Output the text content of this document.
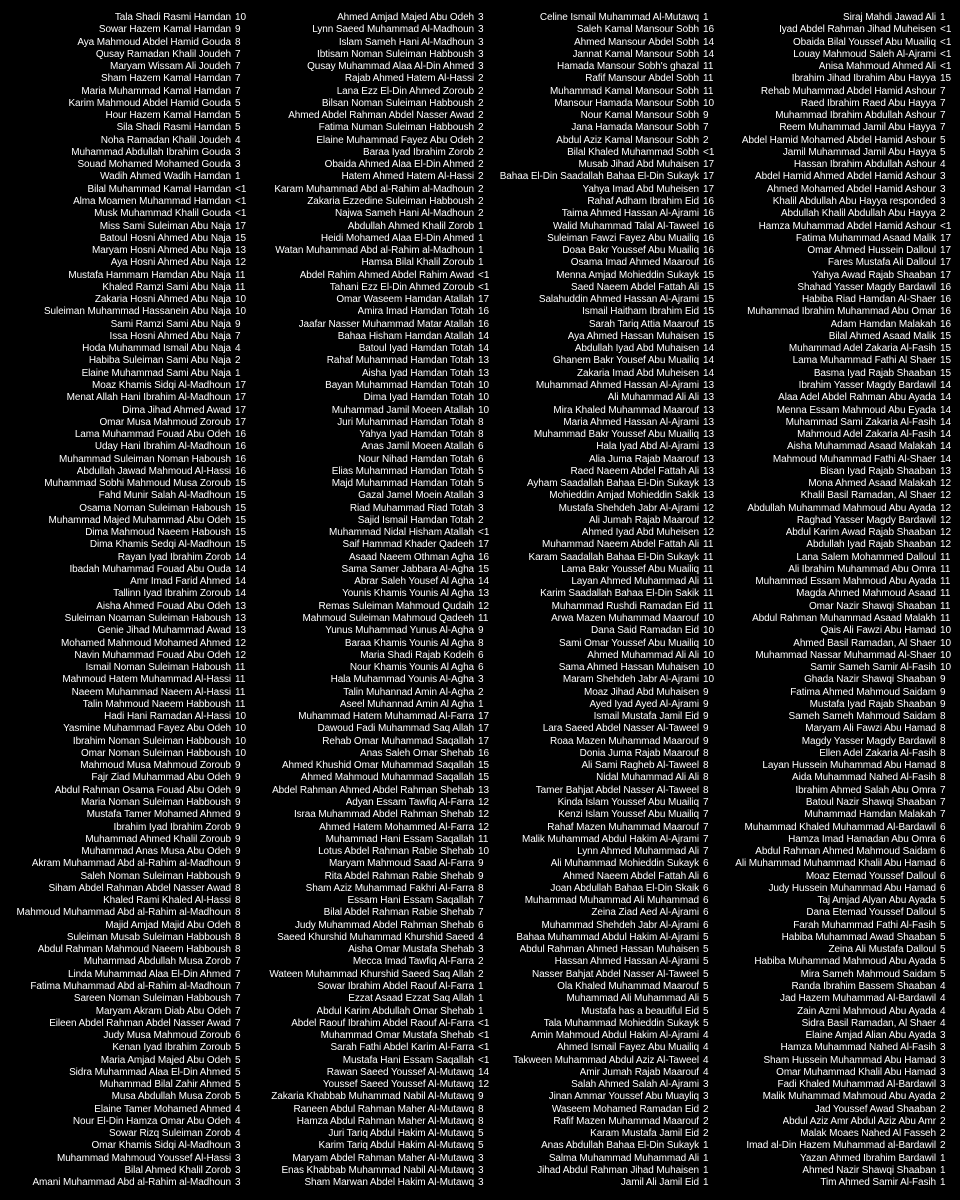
Tala Shadi Rasmi Hamdan 10
Sowar Hazem Kamal Hamdan 9
Aya Mahmoud Abdel Hamid Gouda 8
Qusay Ramadan Khalil Joudeh 7
Maryam Wissam Ali Joudeh 7
Sham Hazem Kamal Hamdan 7
Maria Muhammad Kamal Hamdan 7
Karim Mahmoud Abdel Hamid Gouda 5
Hour Hazem Kamal Hamdan 5
Sila Shadi Rasmi Hamdan 5
Noha Ramadan Khalil Joudeh 4
Muhammad Abdullah Ibrahim Gouda 3
Souad Mohamed Mohamed Gouda 3
Wadih Ahmed Wadih Hamdan 1
Bilal Muhammad Kamal Hamdan <1
Alma Moamen Muhammad Hamdan <1
Musk Muhammad Khalil Gouda <1
Miss Sami Suleiman Abu Naja 17
Batoul Hosni Ahmed Abu Naja 15
Maryam Hosni Ahmed Abu Naja 13
Aya Hosni Ahmed Abu Naja 12
Mustafa Hammam Hamdan Abu Naja 11
Khaled Ramzi Sami Abu Naja 11
Zakaria Hosni Ahmed Abu Naja 10
Suleiman Muhammad Hassanein Abu Naja 10
Sami Ramzi Sami Abu Naja 9
Issa Hosni Ahmed Abu Naja 7
Hoda Muhammad Ismail Abu Naja 4
Habiba Suleiman Sami Abu Naja 2
Elaine Muhammad Sami Abu Naja 1
Moaz Khamis Sidqi Al-Madhoun 17
Menat Allah Hani Ibrahim Al-Madhoun 17
Dima Jihad Ahmed Awad 17
Omar Musa Mahmoud Zoroub 17
Lama Muhammad Fouad Abu Odeh 16
Uday Hani Ibrahim Al-Madhoun 16
Muhammad Suleiman Noman Haboush 16
Abdullah Jawad Mahmoud Al-Hassi 16
Muhammad Sobhi Mahmoud Musa Zoroub 15
Fahd Munir Salah Al-Madhoun 15
Osama Noman Suleiman Haboush 15
Muhammad Majed Muhammad Abu Odeh 15
Dima Mahmoud Naeem Haboush 15
Dima Khamis Sedqi Al-Madhoun 15
Rayan Iyad Ibrahim Zorob 14
Ibadah Muhammad Fouad Abu Ouda 14
Amr Imad Farid Ahmed 14
Tallinn Iyad Ibrahim Zoroub 14
Aisha Ahmed Fouad Abu Odeh 13
Suleiman Noaman Suleiman Haboush 13
Genie Jihad Muhammad Awad 13
Mohamed Mahmoud Mohamed Ahmed 12
Navin Muhammad Fouad Abu Odeh 12
Ismail Noman Suleiman Haboush 11
Mahmoud Hatem Muhammad Al-Hassi 11
Naeem Muhammad Naeem Al-Hassi 11
Talin Mahmoud Naeem Habboush 11
Hadi Hani Ramadan Al-Hassi 10
Yasmine Muhammad Fayez Abu Odeh 10
Ibrahim Noman Suleiman Habboush 10
Omar Noman Suleiman Habboush 10
Mahmoud Musa Mahmoud Zoroub 9
Fajr Ziad Muhammad Abu Odeh 9
Abdul Rahman Osama Fouad Abu Odeh 9
Maria Noman Suleiman Habboush 9
Mustafa Tamer Mohamed Ahmed 9
Ibrahim Iyad Ibrahim Zorob 9
Muhammad Ahmed Khalil Zoroub 9
Muhammad Anas Musa Abu Odeh 9
Akram Muhammad Abd al-Rahim al-Madhoun 9
Saleh Noman Suleiman Habboush 9
Siham Abdel Rahman Abdel Nasser Awad 8
Khaled Rami Khaled Al-Hassi 8
Mahmoud Muhammad Abd al-Rahim al-Madhoun 8
Majid Amjad Majid Abu Odeh 8
Suleiman Musab Suleiman Habboush 8
Abdul Rahman Mahmoud Naeem Habboush 8
Muhammad Abdullah Musa Zorob 7
Linda Muhammad Alaa El-Din Ahmed 7
Fatima Muhammad Abd al-Rahim al-Madhoun 7
Sareen Noman Suleiman Habboush 7
Maryam Akram Diab Abu Odeh 7
Eileen Abdel Rahman Abdel Nasser Awad 7
Judy Musa Mahmoud Zoroub 6
Kenan Iyad Ibrahim Zoroub 5
Maria Amjad Majed Abu Odeh 5
Sidra Muhammad Alaa El-Din Ahmed 5
Muhammad Bilal Zahir Ahmed 5
Musa Abdullah Musa Zorob 5
Elaine Tamer Mohamed Ahmed 4
Nour El-Din Hamza Omar Abu Odeh 4
Sowar Rizq Suleiman Zorob 4
Omar Khamis Sidqi Al-Madhoun 3
Muhammad Mahmoud Youssef Al-Hassi 3
Bilal Ahmed Khalil Zorob 3
Amani Muhammad Abd al-Rahim al-Madhoun 3
Ahmed Amjad Majed Abu Odeh 3
Lynn Saeed Muhammad Al-Madhoun 3
Islam Sameh Hani Al-Madhoun 3
Ibtisam Noman Suleiman Habboush 3
Qusay Muhammad Alaa Al-Din Ahmed 3
Rajab Ahmed Hatem Al-Hassi 2
Lana Ezz El-Din Ahmed Zoroub 2
Bilsan Noman Suleiman Habboush 2
Ahmed Abdel Rahman Abdel Nasser Awad 2
Fatima Numan Suleiman Habboush 2
Elaine Muhammad Fayez Abu Odeh 2
Baraa Iyad Ibrahim Zorob 2
Obaida Ahmed Alaa El-Din Ahmed 2
Hatem Ahmed Hatem Al-Hassi 2
Karam Muhammad Abd al-Rahim al-Madhoun 2
Zakaria Ezzedine Suleiman Habboush 2
Najwa Sameh Hani Al-Madhoun 2
Abdullah Ahmed Khalil Zorob 1
Heidi Mohamed Alaa El-Din Ahmed 1
Watan Muhammad Abd al-Rahim al-Madhoun 1
Hamsa Bilal Khalil Zoroub 1
Abdel Rahim Ahmed Abdel Rahim Awad <1
Tahani Ezz El-Din Ahmed Zoroub <1
Omar Waseem Hamdan Atallah 17
Amira Imad Hamdan Totah 16
Jaafar Nasser Muhammad Matar Atallah 16
Bahaa Hisham Hamdan Atallah 14
Batoul Iyad Hamdan Totah 14
Rahaf Muhammad Hamdan Totah 13
Aisha Iyad Hamdan Totah 13
Bayan Muhammad Hamdan Totah 10
Dima Iyad Hamdan Totah 10
Muhammad Jamil Moeen Atallah 10
Juri Muhammad Hamdan Totah 8
Yahya Iyad Hamdan Totah 8
Anas Jamil Moeen Atallah 6
Nour Nihad Hamdan Totah 6
Elias Muhammad Hamdan Totah 5
Majd Muhammad Hamdan Totah 5
Gazal Jamel Moein Atallah 3
Riad Muhammad Riad Totah 3
Sajid Ismail Hamdan Totah 2
Muhammad Nidal Hisham Atallah <1
Saif Hammad Khader Qadeeh 17
Asaad Naeem Othman Agha 16
Sama Samer Jabbara Al-Agha 15
Abrar Saleh Yousef Al Agha 14
Younis Khamis Younis Al Agha 13
Remas Suleiman Mahmoud Qudaih 12
Mahmoud Suleiman Mahmoud Qadeeh 11
Yunus Muhammad Yunus Al-Agha 9
Baraa Khamis Younis Al Agha 8
Maria Shadi Rajab Kodeih 6
Nour Khamis Younis Al Agha 6
Hala Muhammad Younis Al-Agha 3
Talin Muhannad Amin Al-Agha 2
Aseel Muhannad Amin Al Agha 1
Muhammad Hatem Muhammad Al-Farra 17
Dawoud Fadi Muhammad Saq Allah 17
Rehab Omar Muhammad Saqallah 17
Anas Saleh Omar Shehab 16
Ahmed Khushid Omar Muhammad Saqallah 15
Ahmed Mahmoud Muhammad Saqallah 15
Abdel Rahman Ahmed Abdel Rahman Shehab 13
Adyan Essam Tawfiq Al-Farra 12
Israa Muhammad Abdel Rahman Shehab 12
Ahmed Hatem Mohammed Al-Farra 12
Muhammad Hani Essam Saqallah 11
Lotus Abdel Rahman Rabie Shehab 10
Maryam Mahmoud Saad Al-Farra 9
Rita Abdel Rahman Rabie Shehab 9
Sham Aziz Muhammad Fakhri Al-Farra 8
Essam Hani Essam Saqallah 7
Bilal Abdel Rahman Rabie Shehab 7
Judy Muhammad Abdel Rahman Shehab 6
Saeed Khurshid Muhammad Khurshid Saeed 4
Aisha Omar Mustafa Shehab 3
Mecca Imad Tawfiq Al-Farra 2
Wateen Muhammad Khurshid Saeed Saq Allah 2
Sowar Ibrahim Abdel Raouf Al-Farra 1
Ezzat Asaad Ezzat Saq Allah 1
Abdul Karim Abdullah Omar Shehab 1
Abdel Raouf Ibrahim Abdel Raouf Al-Farra <1
Muhammad Omar Mustafa Shehab <1
Sarah Fathi Abdel Karim Al-Farra <1
Mustafa Hani Essam Saqallah <1
Rawan Saeed Youssef Al-Mutawq 14
Youssef Saeed Youssef Al-Mutawq 12
Zakaria Khabbab Muhammad Nabil Al-Mutawq 9
Raneen Abdul Rahman Maher Al-Mutawq 8
Hamza Abdul Rahman Maher Al-Mutawq 8
Juri Tariq Abdul Hakim Al-Mutawq 5
Karim Tariq Abdul Hakim Al-Mutawq 5
Maryam Abdel Rahman Maher Al-Mutawq 3
Enas Khabbab Muhammad Nabil Al-Mutawq 3
Sham Marwan Abdel Hakim Al-Mutawq 3
Celine Ismail Muhammad Al-Mutawq 1
Saleh Kamal Mansour Sobh 16
Ahmed Mansour Abdel Sobh 14
Jannat Kamal Mansour Sobh 14
Hamada Mansour Sobh's ghazal 11
Rafif Mansour Abdel Sobh 11
Muhammad Kamal Mansour Sobh 11
Mansour Hamada Mansour Sobh 10
Nour Kamal Mansour Sobh 9
Jana Hamada Mansour Sobh 7
Abdul Aziz Kamal Mansour Sobh 2
Bilal Khaled Muhammad Sobh <1
Musab Jihad Abd Muhaisen 17
Bahaa El-Din Saadallah Bahaa El-Din Sukayk 17
Yahya Imad Abd Muheisen 17
Rahaf Adham Ibrahim Eid 16
Taima Ahmed Hassan Al-Ajrami 16
Walid Muhammad Talal Al-Taweel 16
Suleiman Fawzi Fayez Abu Muailiq 16
Doaa Bakr Youssef Abu Muailiq 16
Osama Imad Ahmed Maarouf 16
Menna Amjad Mohieddin Sukayk 15
Saed Naeem Abdel Fattah Ali 15
Salahuddin Ahmed Hassan Al-Ajrami 15
Ismail Haitham Ibrahim Eid 15
Sarah Tariq Attia Maarouf 15
Aya Ahmed Hassan Muhaisen 15
Abdullah Iyad Abd Muhaisen 14
Ghanem Bakr Yousef Abu Muailiq 14
Zakaria Imad Abd Muheisen 14
Muhammad Ahmed Hassan Al-Ajrami 13
Ali Muhammad Ali Ali 13
Mira Khaled Muhammad Maarouf 13
Maria Ahmed Hassan Al-Ajrami 13
Muhammad Bakr Youssef Abu Muailiq 13
Hala Iyad Abd Al-Ajrami 13
Alia Juma Rajab Maarouf 13
Raed Naeem Abdel Fattah Ali 13
Ayham Saadallah Bahaa El-Din Sukayk 13
Mohieddin Amjad Mohieddin Sakik 13
Mustafa Shehdeh Jabr Al-Ajrami 12
Ali Jumah Rajab Maarouf 12
Ahmed Iyad Abd Muheisen 12
Muhammad Naeem Abdel Fattah Ali 11
Karam Saadallah Bahaa El-Din Sukayk 11
Lama Bakr Youssef Abu Muailiq 11
Layan Ahmed Muhammad Ali 11
Karim Saadallah Bahaa El-Din Sakik 11
Muhammad Rushdi Ramadan Eid 11
Arwa Mazen Muhammad Maarouf 10
Dana Said Ramadan Eid 10
Sami Omar Youssef Abu Muailiq 10
Ahmed Muhammad Ali Ali 10
Sama Ahmed Hassan Muhaisen 10
Maram Shehdeh Jabr Al-Ajrami 10
Moaz Jihad Abd Muhaisen 9
Ayed Iyad Ayed Al-Ajrami 9
Ismail Mustafa Jamil Eid 9
Lara Saeed Abdel Nasser Al-Taweel 9
Roaa Mazen Muhammad Maarouf 9
Donia Juma Rajab Maarouf 8
Ali Sami Ragheb Al-Taweel 8
Nidal Muhammad Ali Ali 8
Tamer Bahjat Abdel Nasser Al-Taweel 8
Kinda Islam Youssef Abu Muailiq 7
Kenzi Islam Youssef Abu Muailiq 7
Rahaf Mazen Muhammad Maarouf 7
Malik Muhammad Abdul Hakim Al-Ajrami 7
Lynn Ahmed Muhammad Ali 7
Ali Muhammad Mohieddin Sukayk 6
Ahmed Naeem Abdel Fattah Ali 6
Joan Abdullah Bahaa El-Din Skaik 6
Muhammad Muhammad Ali Muhammad 6
Zeina Ziad Aed Al-Ajrami 6
Muhammad Shehdeh Jabr Al-Ajrami 6
Bahaa Muhammad Abdul Hakim Al-Ajrami 5
Abdul Rahman Ahmed Hassan Muhaisen 5
Hassan Ahmed Hassan Al-Ajrami 5
Nasser Bahjat Abdel Nasser Al-Taweel 5
Ola Khaled Muhammad Maarouf 5
Muhammad Ali Muhammad Ali 5
Mustafa has a beautiful Eid 5
Tala Muhammad Mohieddin Sukayk 5
Amin Mahmoud Abdul Hakim Al-Ajrami 4
Ahmed Ismail Fayez Abu Muailiq 4
Takween Muhammad Abdul Aziz Al-Taweel 4
Amir Jumah Rajab Maarouf 4
Salah Ahmed Salah Al-Ajrami 3
Jinan Ammar Youssef Abu Muayliq 3
Waseem Mohamed Ramadan Eid 2
Rafif Mazen Muhammad Maarouf 2
Karam Mustafa Jamil Eid 2
Anas Abdullah Bahaa El-Din Sukayk 1
Salma Muhammad Muhammad Ali 1
Jihad Abdul Rahman Jihad Muhaisen 1
Jamil Ali Jamil Eid 1
Siraj Mahdi Jawad Ali 1
Iyad Abdel Rahman Jihad Muheisen <1
Obaida Bilal Youssef Abu Muailiq <1
Louay Mahmoud Saleh Al-Ajrami <1
Anisa Mahmoud Ahmed Ali <1
Ibrahim Jihad Ibrahim Abu Hayya 15
Rehab Muhammad Abdel Hamid Ashour 7
Raed Ibrahim Raed Abu Hayya 7
Muhammad Ibrahim Abdullah Ashour 7
Reem Muhammad Jamil Abu Hayya 7
Abdel Hamid Mohamed Abdel Hamid Ashour 5
Jamil Muhammad Jamil Abu Hayya 5
Hassan Ibrahim Abdullah Ashour 4
Abdel Hamid Ahmed Abdel Hamid Ashour 3
Ahmed Mohamed Abdel Hamid Ashour 3
Khalil Abdullah Abu Hayya responded 3
Abdullah Khalil Abdullah Abu Hayya 2
Hamza Muhammad Abdel Hamid Ashour <1
Fatima Muhammad Asaad Malik 17
Omar Ahmed Hussein Dalloul 17
Fares Mustafa Ali Dalloul 17
Yahya Awad Rajab Shaaban 17
Shahad Yasser Magdy Bardawil 16
Habiba Riad Hamdan Al-Shaer 16
Muhammad Ibrahim Muhammad Abu Omar 16
Adam Hamdan Malakah 16
Bilal Ahmed Asaad Malik 15
Muhammad Adel Zakaria Al-Fasih 15
Lama Muhammad Fathi Al Shaer 15
Basma Iyad Rajab Shaaban 15
Ibrahim Yasser Magdy Bardawil 14
Alaa Adel Abdel Rahman Abu Ayada 14
Menna Essam Mahmoud Abu Eyada 14
Muhammad Sami Zakaria Al-Fasih 14
Mahmoud Adel Zakaria Al-Fasih 14
Aisha Muhammad Asaad Malakah 14
Mahmoud Muhammad Fathi Al-Shaer 14
Bisan Iyad Rajab Shaaban 13
Mona Ahmed Asaad Malakah 12
Khalil Basil Ramadan, Al Shaer 12
Abdullah Muhammad Mahmoud Abu Ayada 12
Raghad Yasser Magdy Bardawil 12
Abdul Karim Awad Rajab Shaaban 12
Abdullah Iyad Rajab Shaaban 12
Lana Salem Mohammed Dalloul 11
Ali Ibrahim Muhammad Abu Omra 11
Muhammad Essam Mahmoud Abu Ayada 11
Magda Ahmed Mahmoud Asaad 11
Omar Nazir Shawqi Shaaban 11
Abdul Rahman Muhammad Asaad Malakh 11
Qais Ali Fawzi Abu Hamad 10
Ahmed Basil Ramadan, Al Shaer 10
Muhammad Nassar Muhammad Al-Shaer 10
Samir Sameh Samir Al-Fasih 10
Ghada Nazir Shawqi Shaaban 9
Fatima Ahmed Mahmoud Saidam 9
Mustafa Iyad Rajab Shaaban 9
Sameh Sameh Mahmoud Saidam 8
Maryam Ali Fawzi Abu Hamad 8
Magdy Yasser Magdy Bardawil 8
Ellen Adel Zakaria Al-Fasih 8
Layan Hussein Muhammad Abu Hamad 8
Aida Muhammad Nahed Al-Fasih 8
Ibrahim Ahmed Salah Abu Omra 7
Batoul Nazir Shawqi Shaaban 7
Muhammad Hamdan Malakah 7
Muhammad Khaled Muhammad Al-Bardawil 6
Hamza Imad Hamadan Abu Omra 6
Abdul Rahman Ahmed Mahmoud Saidam 6
Ali Muhammad Muhammad Khalil Abu Hamad 6
Moaz Etemad Youssef Dalloul 6
Judy Hussein Muhammad Abu Hamad 6
Taj Amjad Alyan Abu Ayada 5
Dana Etemad Youssef Dalloul 5
Farah Muhammad Fathi Al-Fasih 5
Habiba Muhammad Awad Shaaban 5
Zeina Ali Mustafa Dalloul 5
Habiba Muhammad Mahmoud Abu Ayada 5
Mira Sameh Mahmoud Saidam 5
Randa Ibrahim Bassem Shaaban 4
Jad Hazem Muhammad Al-Bardawil 4
Zain Azmi Mahmoud Abu Ayada 4
Sidra Basil Ramadan, Al Shaer 4
Elaine Amjad Alian Abu Ayada 3
Hamza Muhammad Nahed Al-Fasih 3
Sham Hussein Muhammad Abu Hamad 3
Omar Muhammad Khalil Abu Hamad 3
Fadi Khaled Muhammad Al-Bardawil 3
Malik Muhammad Mahmoud Abu Ayada 2
Jad Youssef Awad Shaaban 2
Abdul Aziz Amr Abdul Aziz Abu Amr 2
Malak Moaes Nahed Al Fasseh 2
Imad al-Din Hazem Muhammad al-Bardawil 2
Yazan Ahmed Ibrahim Bardawil 1
Ahmed Nazir Shawqi Shaaban 1
Tim Ahmed Samir Al-Fasih 1
